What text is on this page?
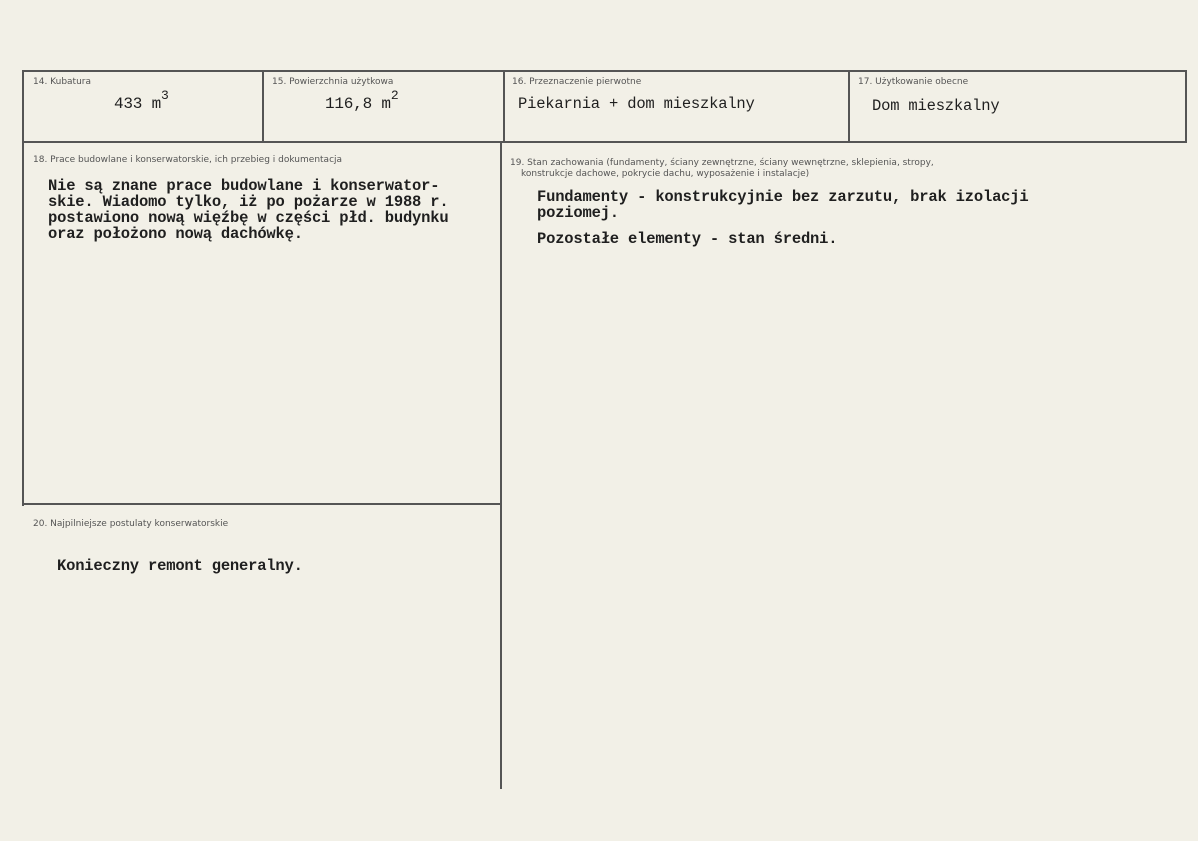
14. Kubatura
433 $m^3$
15. Powierzchnia użytkowa
116,8 $m^2$
16. Przeznaczenie pierwotne
Piekarnia + dom mieszkalny
17. Użytkowanie obecne
Dom mieszkalny
18. Prace budowlane i konserwatorskie, ich przebieg i dokumentacja
Nie są znane prace budowlane i konserwator-
skie. Wiadomo tylko, iż po pożarze w 1988 r.
postawiono nową więźbę w części płd. budynku
oraz położono nową dachówkę.
19. Stan zachowania (fundamenty, ściany zewnętrzne, ściany wewnętrzne, sklepienia, stropy,
konstrukcje dachowe, pokrycie dachu, wyposażenie i instalacje)
Fundamenty - konstrukcyjnie bez zarzutu, brak izolacji
poziomej.
Pozostałe elementy - stan średni.
20. Najpilniejsze postulaty konserwatorskie
Konieczny remont generalny.
